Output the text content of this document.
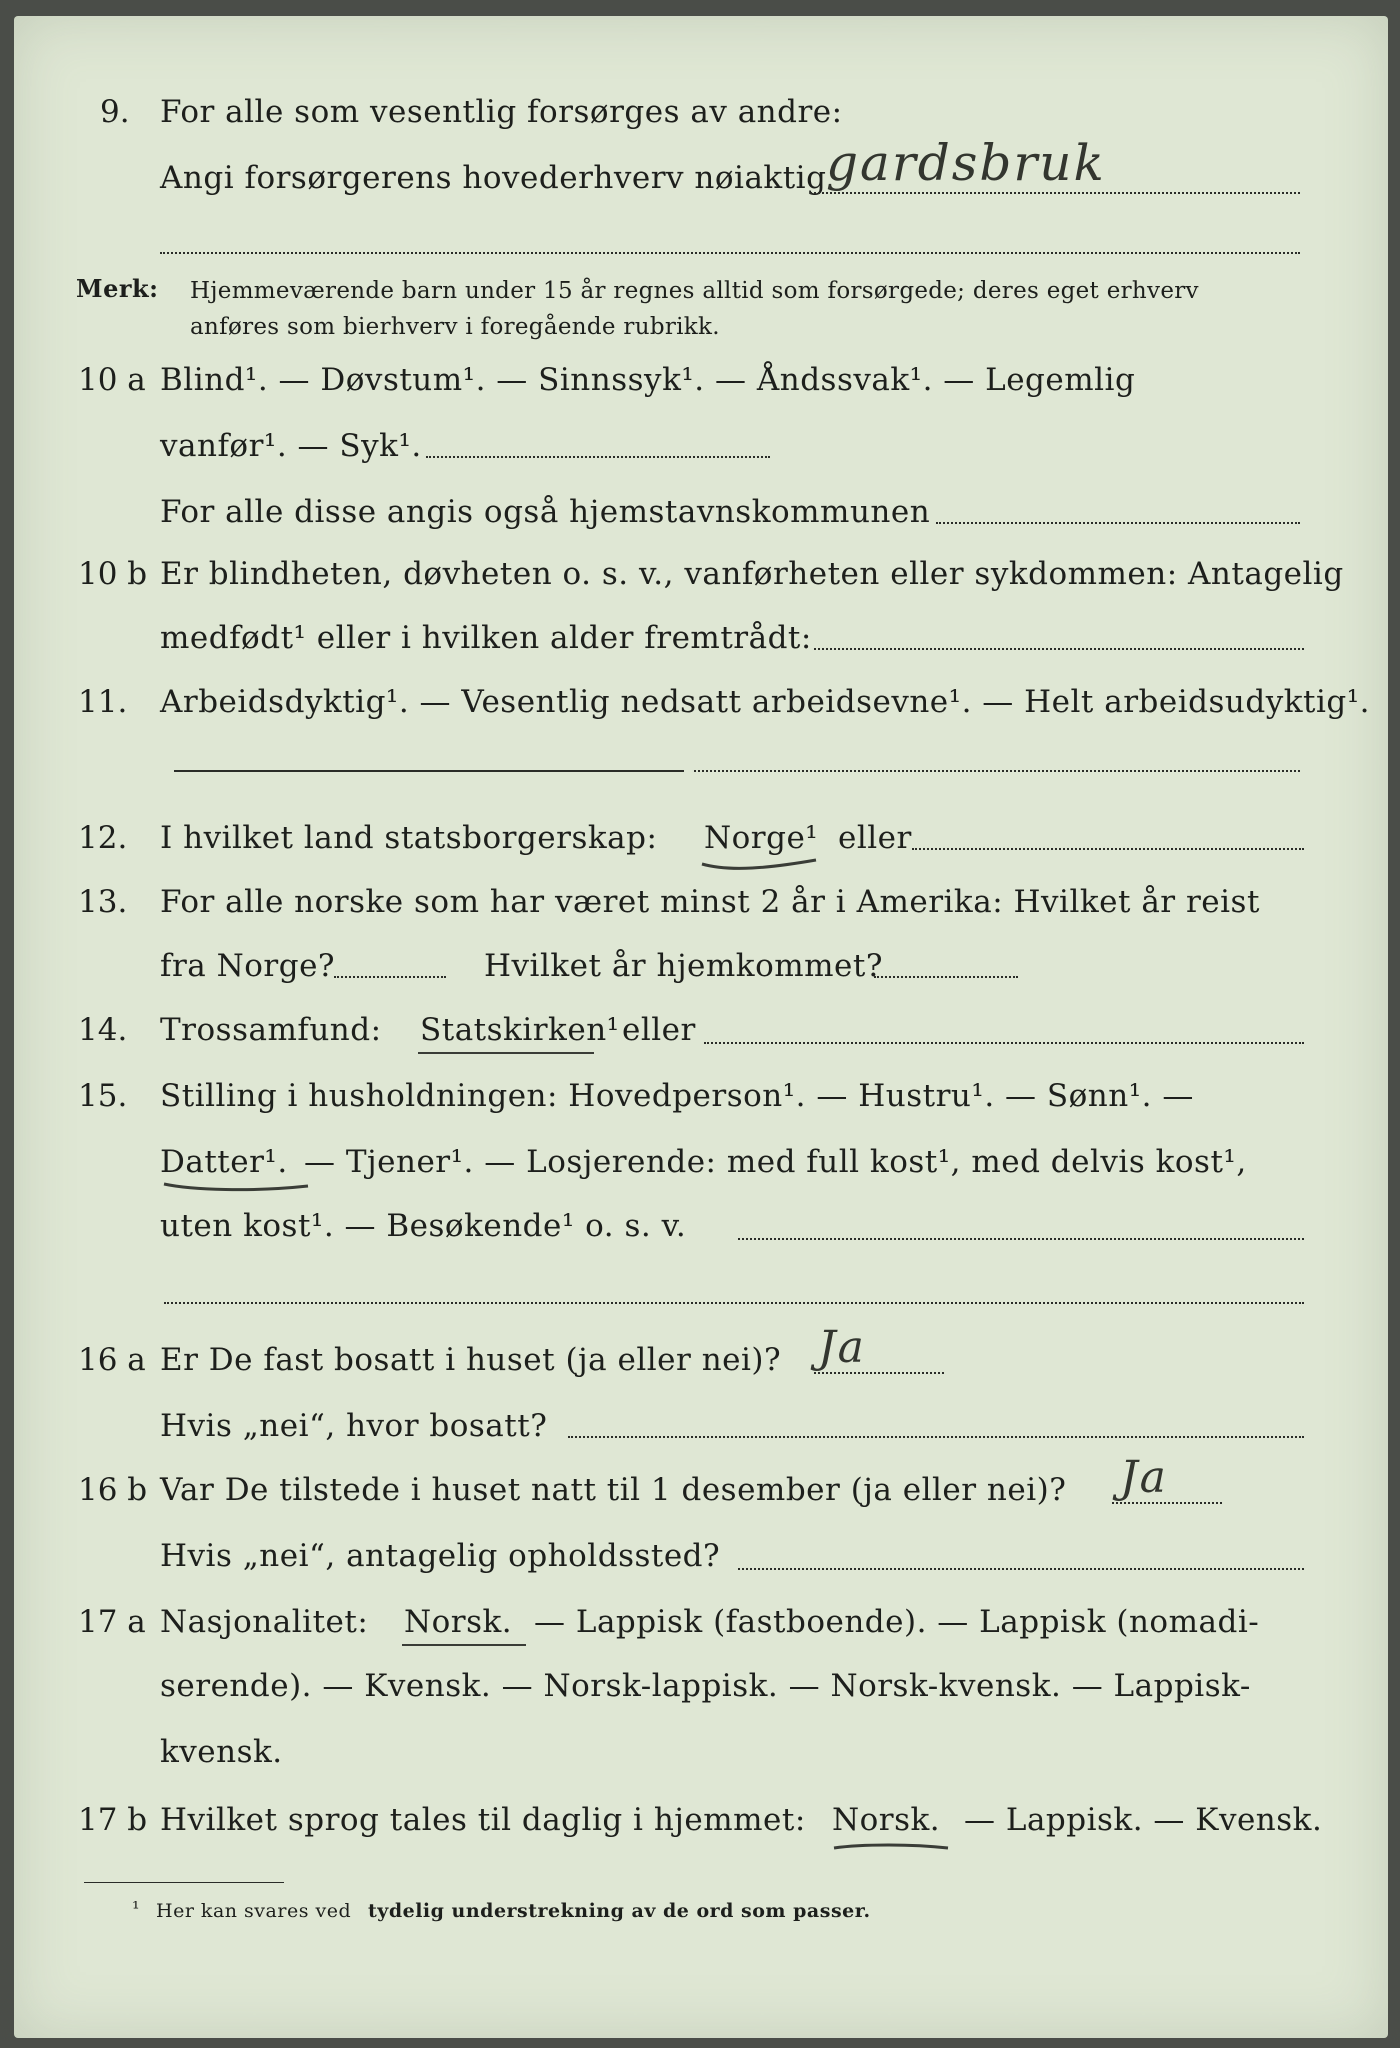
9. For alle som vesentlig forsørges av andre:
Angi forsørgerens hovederhverv nøiaktig gardsbruk
Merk: Hjemmeværende barn under 15 år regnes alltid som forsørgede; deres eget erhverv
anføres som bierhverv i foregående rubrikk.
10 a Blind¹. — Døvstum¹. — Sinnssyk¹. — Åndssvak¹. — Legemlig
vanfør¹. — Syk¹.
For alle disse angis også hjemstavnskommunen
10 b Er blindheten, døvheten o. s. v., vanførheten eller sykdommen: Antagelig
medfødt¹ eller i hvilken alder fremtrådt:
11. Arbeidsdyktig¹. — Vesentlig nedsatt arbeidsevne¹. — Helt arbeidsudyktig¹.
12. I hvilket land statsborgerskap: Norge¹ eller
13. For alle norske som har været minst 2 år i Amerika: Hvilket år reist
fra Norge?	Hvilket år hjemkommet?
14. Trossamfund: Statskirken¹ eller
15. Stilling i husholdningen: Hovedperson¹. — Hustru¹. — Sønn¹. —
Datter¹. — Tjener¹. — Losjerende: med full kost¹, med delvis kost¹,
uten kost¹. — Besøkende¹ o. s. v.
16 a Er De fast bosatt i huset (ja eller nei)? Ja
Hvis „nei“, hvor bosatt?
16 b Var De tilstede i huset natt til 1 desember (ja eller nei)? Ja
Hvis „nei“, antagelig opholdssted?
17 a Nasjonalitet: Norsk. — Lappisk (fastboende). — Lappisk (nomadi-
serende). — Kvensk. — Norsk-lappisk. — Norsk-kvensk. — Lappisk-
kvensk.
17 b Hvilket sprog tales til daglig i hjemmet: Norsk. — Lappisk. — Kvensk.
¹ Her kan svares ved tydelig understrekning av de ord som passer.
